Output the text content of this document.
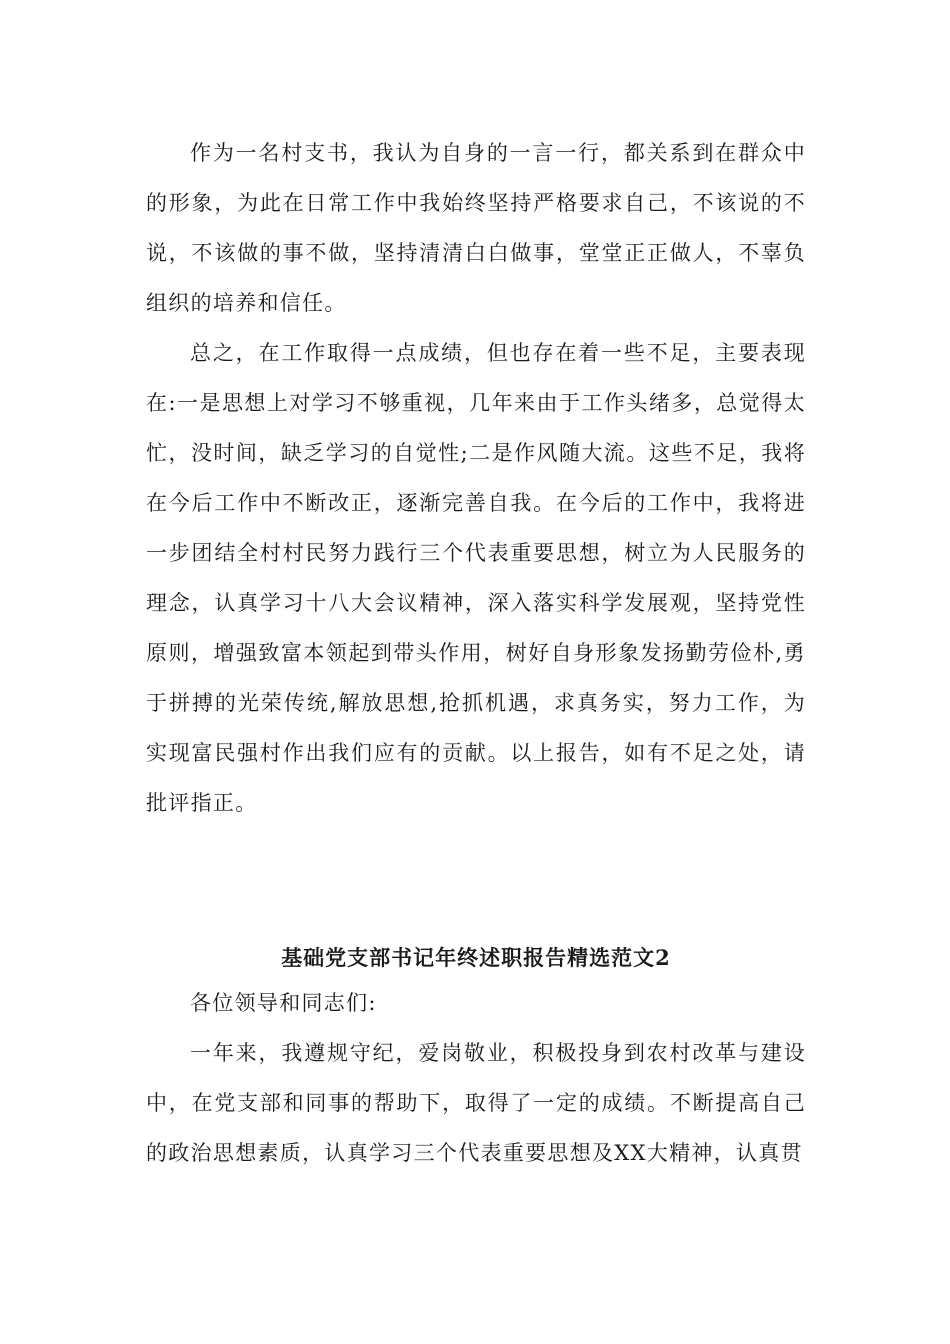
作为一名村支书，我认为自身的一言一行，都关系到在群众中的形象，为此在日常工作中我始终坚持严格要求自己，不该说的不说，不该做的事不做，坚持清清白白做事，堂堂正正做人，不辜负组织的培养和信任。

总之，在工作取得一点成绩，但也存在着一些不足，主要表现在:一是思想上对学习不够重视，几年来由于工作头绪多，总觉得太忙，没时间，缺乏学习的自觉性;二是作风随大流。这些不足，我将在今后工作中不断改正，逐渐完善自我。在今后的工作中，我将进一步团结全村村民努力践行三个代表重要思想，树立为人民服务的理念，认真学习十八大会议精神，深入落实科学发展观，坚持党性原则，增强致富本领起到带头作用，树好自身形象发扬勤劳俭朴,勇于拼搏的光荣传统,解放思想,抢抓机遇，求真务实，努力工作，为实现富民强村作出我们应有的贡献。以上报告，如有不足之处，请批评指正。

基础党支部书记年终述职报告精选范文2

各位领导和同志们:

一年来，我遵规守纪，爱岗敬业，积极投身到农村改革与建设中，在党支部和同事的帮助下，取得了一定的成绩。不断提高自己的政治思想素质，认真学习三个代表重要思想及XX大精神，认真贯
